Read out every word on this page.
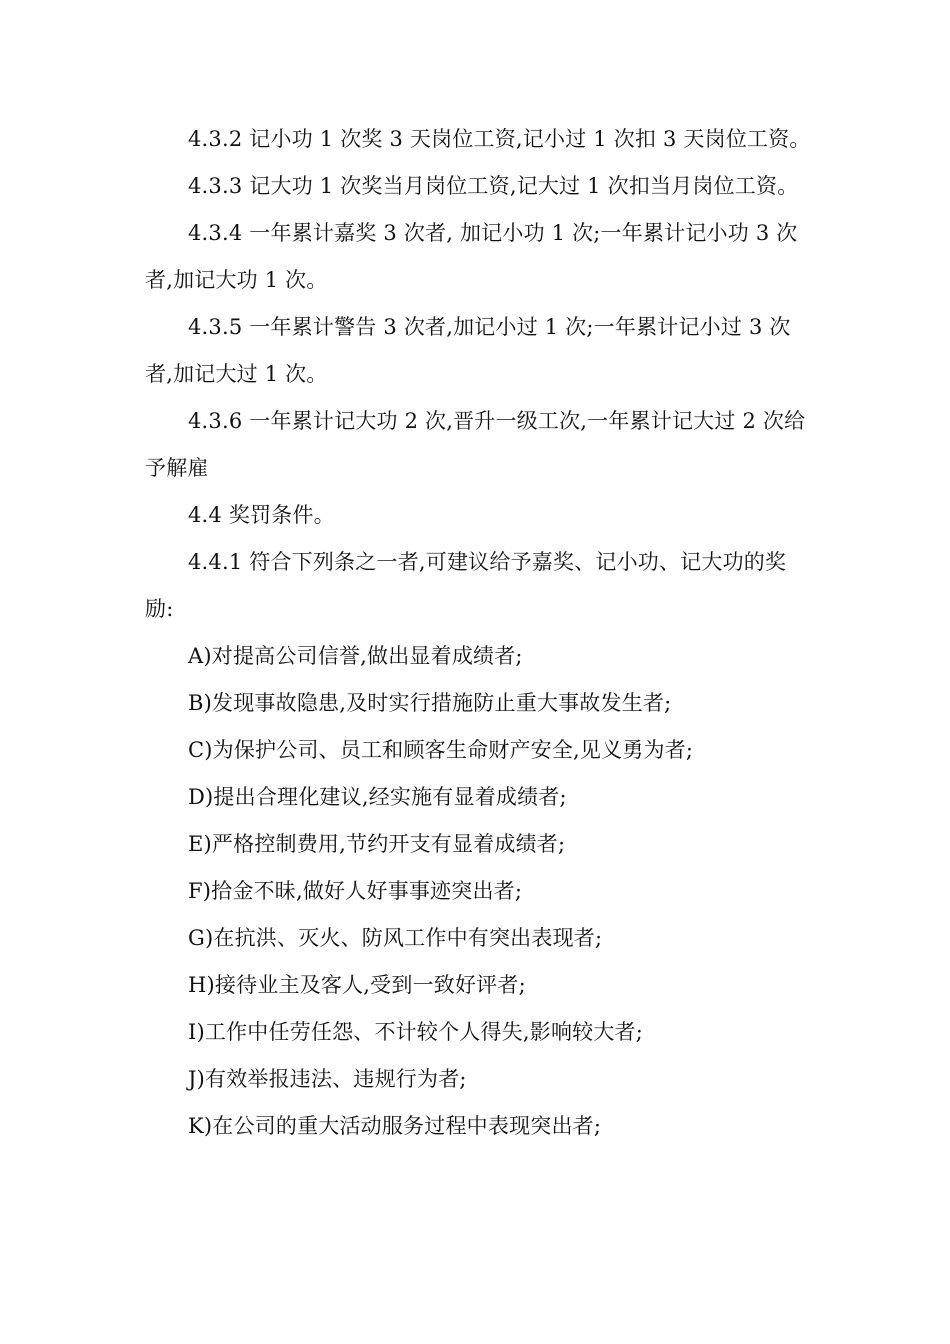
4.3.2 记小功 1 次奖 3 天岗位工资,记小过 1 次扣 3 天岗位工资。

4.3.3 记大功 1 次奖当月岗位工资,记大过 1 次扣当月岗位工资。

4.3.4 一年累计嘉奖 3 次者, 加记小功 1 次;一年累计记小功 3 次者,加记大功 1 次。

4.3.5 一年累计警告 3 次者,加记小过 1 次;一年累计记小过 3 次者,加记大过 1 次。

4.3.6 一年累计记大功 2 次,晋升一级工次,一年累计记大过 2 次给予解雇

4.4 奖罚条件。

4.4.1 符合下列条之一者,可建议给予嘉奖、记小功、记大功的奖励:

A)对提高公司信誉,做出显着成绩者;

B)发现事故隐患,及时实行措施防止重大事故发生者;

C)为保护公司、员工和顾客生命财产安全,见义勇为者;

D)提出合理化建议,经实施有显着成绩者;

E)严格控制费用,节约开支有显着成绩者;

F)拾金不昧,做好人好事事迹突出者;

G)在抗洪、灭火、防风工作中有突出表现者;

H)接待业主及客人,受到一致好评者;

I)工作中任劳任怨、不计较个人得失,影响较大者;

J)有效举报违法、违规行为者;

K)在公司的重大活动服务过程中表现突出者;
